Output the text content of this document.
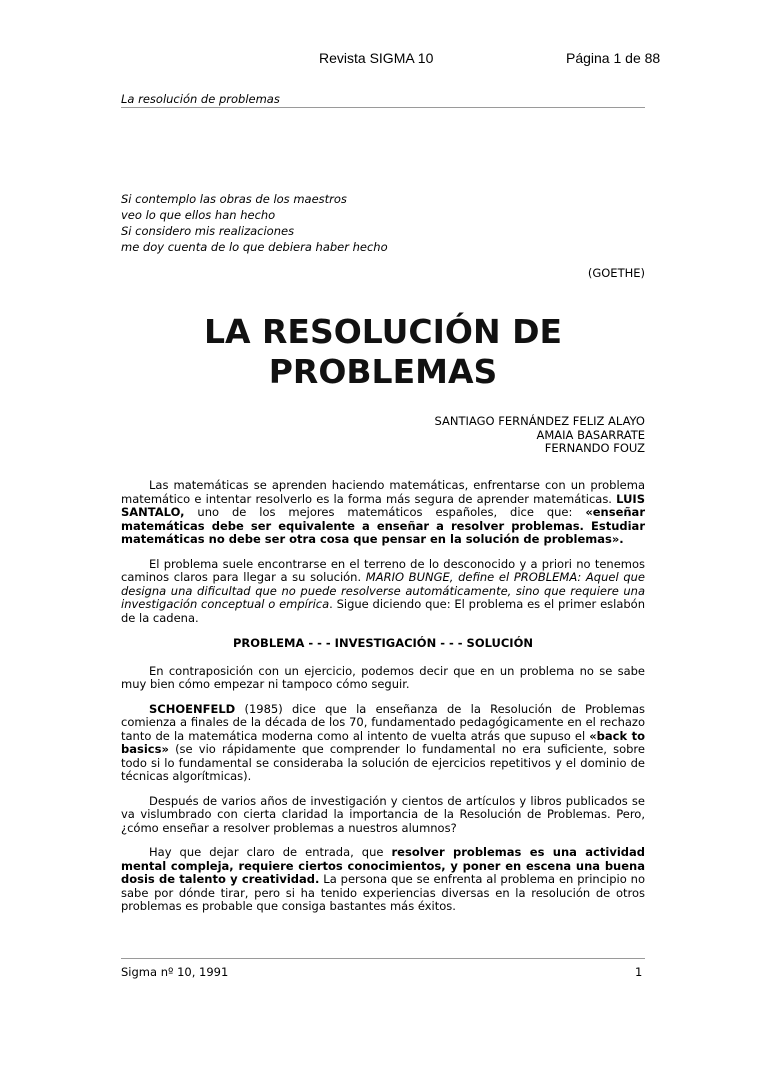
Revista SIGMA 10	Página 1 de 88
La resolución de problemas
Si contemplo las obras de los maestros
veo lo que ellos han hecho
Si considero mis realizaciones
me doy cuenta de lo que debiera haber hecho
(GOETHE)
LA RESOLUCIÓN DE
PROBLEMAS
SANTIAGO FERNÁNDEZ FELIZ ALAYO
AMAIA BASARRATE
FERNANDO FOUZ

Las matemáticas se aprenden haciendo matemáticas, enfrentarse con un problema matemático e intentar resolverlo es la forma más segura de aprender matemáticas. LUIS SANTALO, uno de los mejores matemáticos españoles, dice que: «enseñar matemáticas debe ser equivalente a enseñar a resolver problemas. Estudiar matemáticas no debe ser otra cosa que pensar en la solución de problemas».

El problema suele encontrarse en el terreno de lo desconocido y a priori no tenemos caminos claros para llegar a su solución. MARIO BUNGE, define el PROBLEMA: Aquel que designa una dificultad que no puede resolverse automáticamente, sino que requiere una investigación conceptual o empírica. Sigue diciendo que: El problema es el primer eslabón de la cadena.

PROBLEMA - - - INVESTIGACIÓN - - - SOLUCIÓN

En contraposición con un ejercicio, podemos decir que en un problema no se sabe muy bien cómo empezar ni tampoco cómo seguir.

SCHOENFELD (1985) dice que la enseñanza de la Resolución de Problemas comienza a finales de la década de los 70, fundamentado pedagógicamente en el rechazo tanto de la matemática moderna como al intento de vuelta atrás que supuso el «back to basics» (se vio rápidamente que comprender lo fundamental no era suficiente, sobre todo si lo fundamental se consideraba la solución de ejercicios repetitivos y el dominio de técnicas algorítmicas).

Después de varios años de investigación y cientos de artículos y libros publicados se va vislumbrado con cierta claridad la importancia de la Resolución de Problemas. Pero, ¿cómo enseñar a resolver problemas a nuestros alumnos?

Hay que dejar claro de entrada, que resolver problemas es una actividad mental compleja, requiere ciertos conocimientos, y poner en escena una buena dosis de talento y creatividad. La persona que se enfrenta al problema en principio no sabe por dónde tirar, pero si ha tenido experiencias diversas en la resolución de otros problemas es probable que consiga bastantes más éxitos.

Sigma nº 10, 1991	1
